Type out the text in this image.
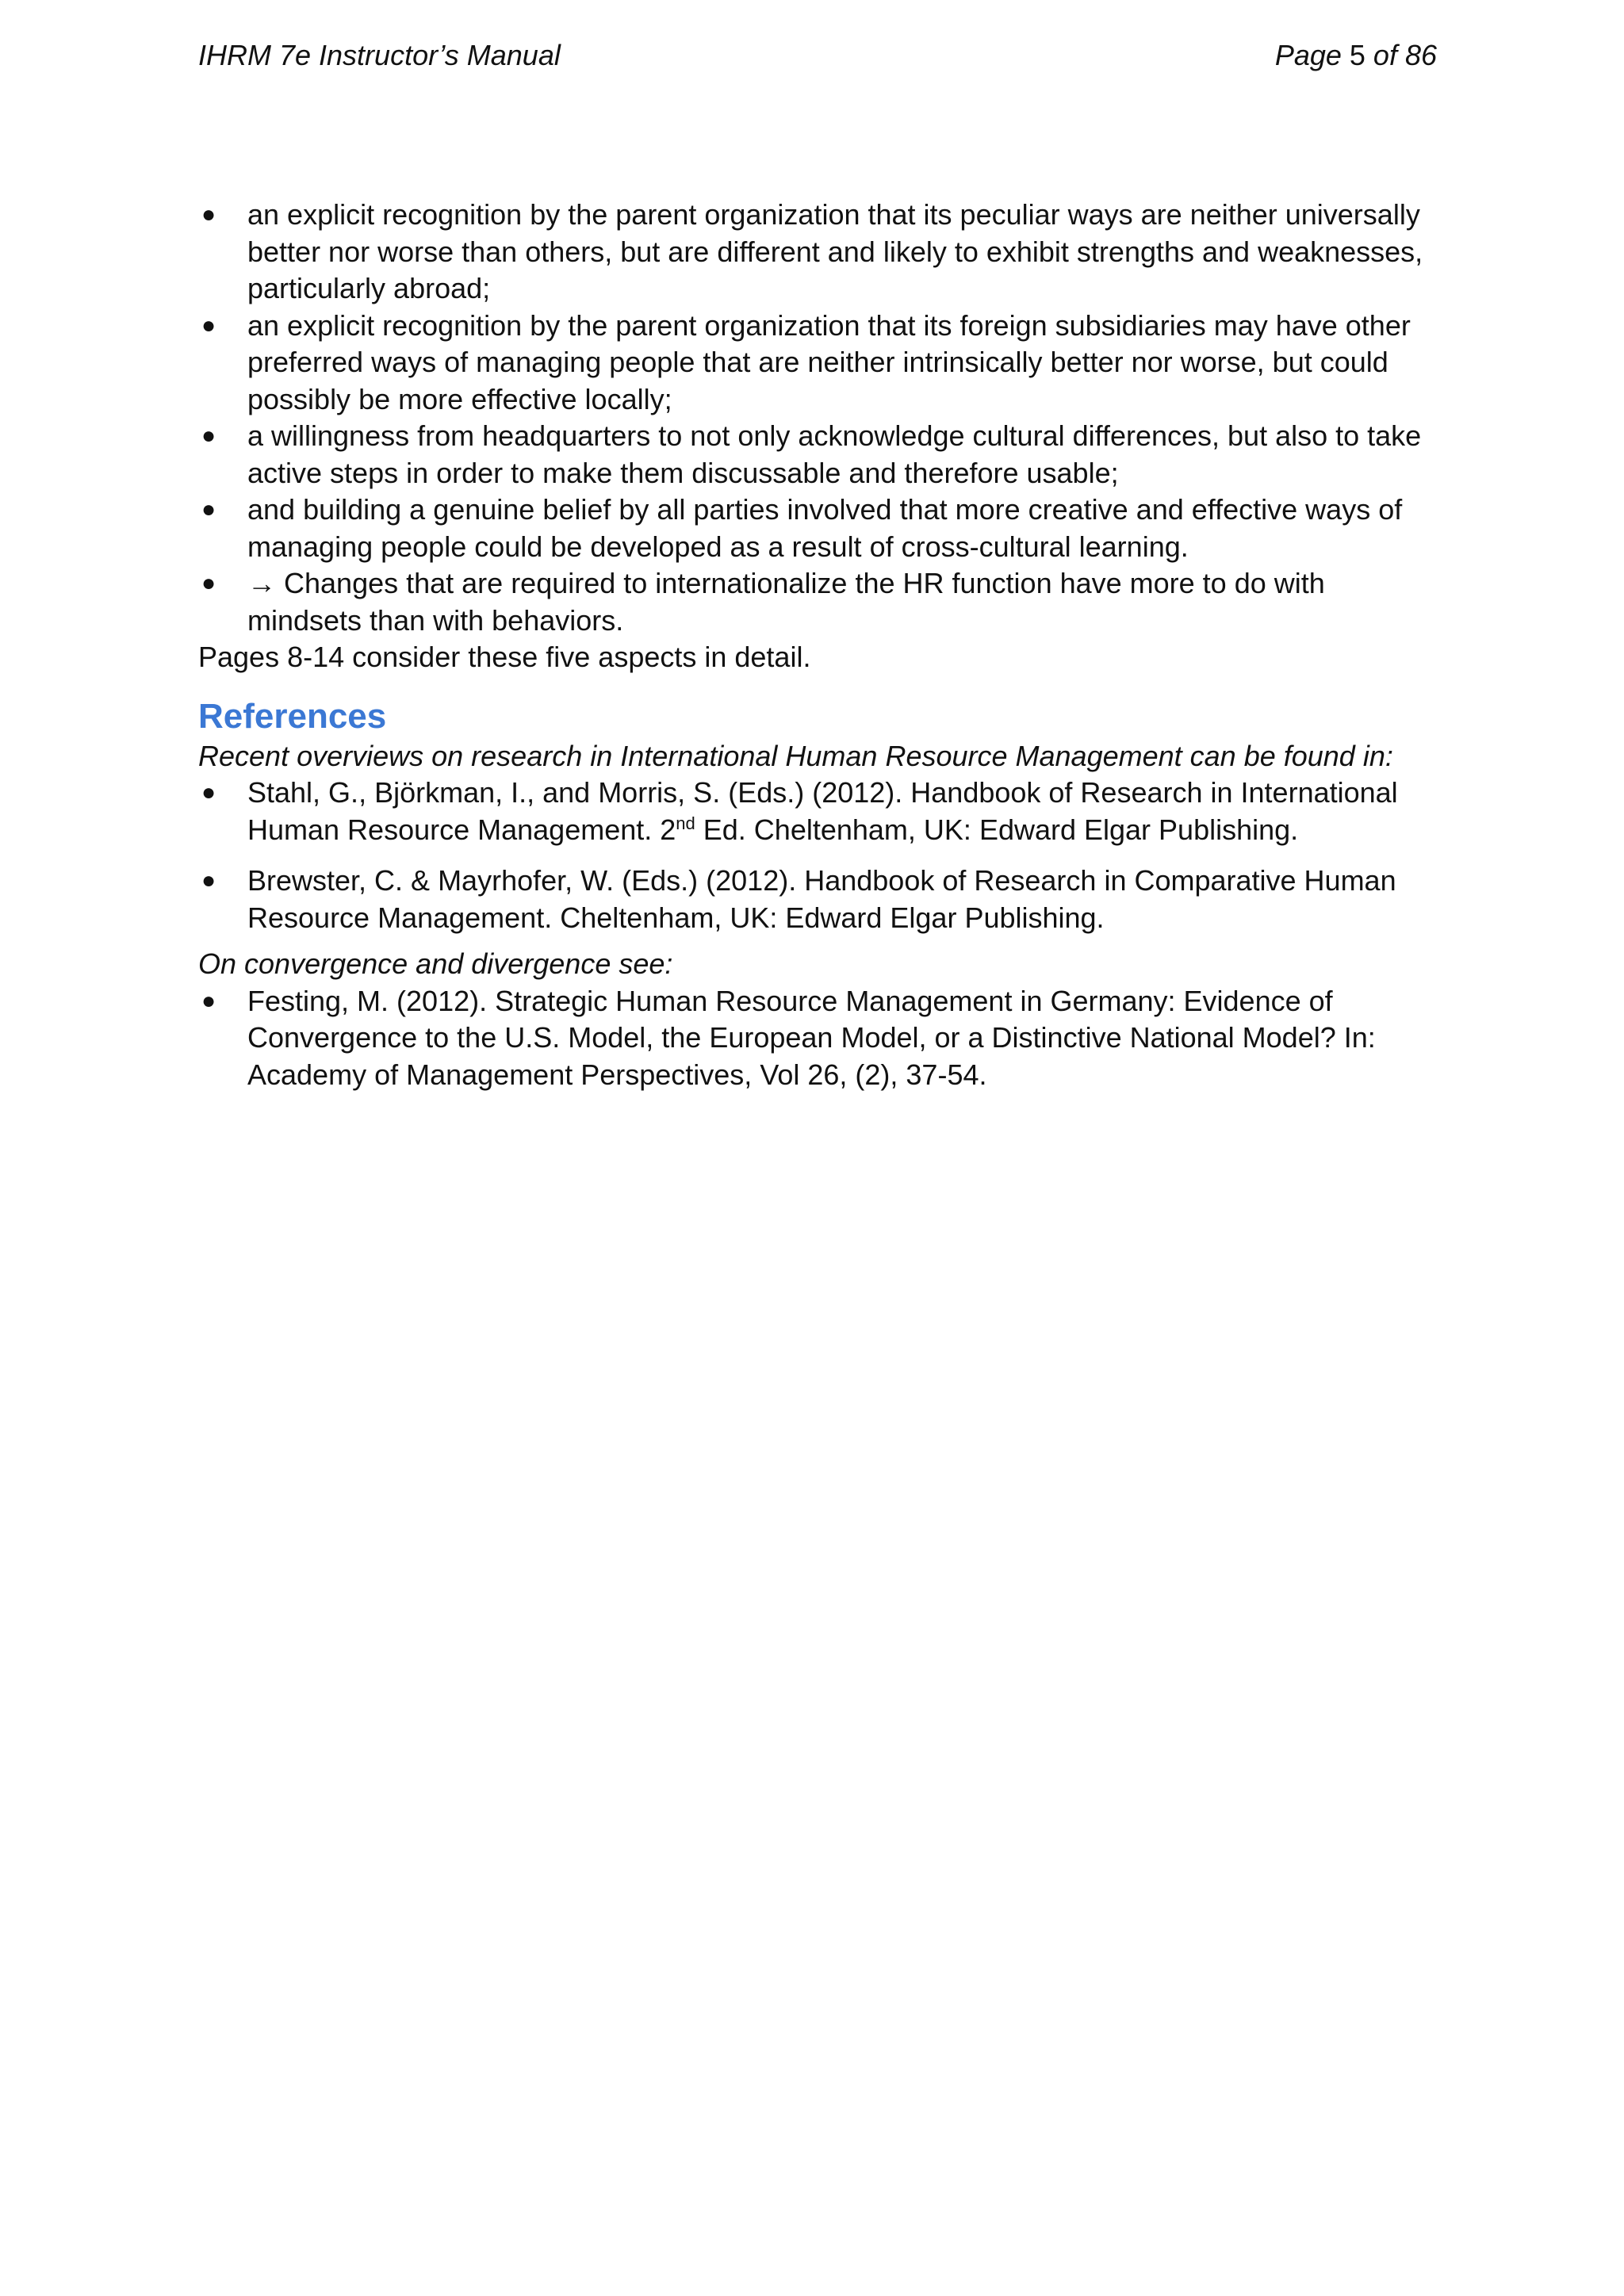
IHRM 7e Instructor’s Manual	Page 5 of 86
● an explicit recognition by the parent organization that its peculiar ways are neither universally better nor worse than others, but are different and likely to exhibit strengths and weaknesses, particularly abroad;
● an explicit recognition by the parent organization that its foreign subsidiaries may have other preferred ways of managing people that are neither intrinsically better nor worse, but could possibly be more effective locally;
● a willingness from headquarters to not only acknowledge cultural differences, but also to take active steps in order to make them discussable and therefore usable;
● and building a genuine belief by all parties involved that more creative and effective ways of managing people could be developed as a result of cross-cultural learning.
● → Changes that are required to internationalize the HR function have more to do with mindsets than with behaviors.

Pages 8-14 consider these five aspects in detail.

References

Recent overviews on research in International Human Resource Management can be found in:

● Stahl, G., Björkman, I., and Morris, S. (Eds.) (2012). Handbook of Research in International Human Resource Management. 2nd Ed. Cheltenham, UK: Edward Elgar Publishing.
● Brewster, C. & Mayrhofer, W. (Eds.) (2012). Handbook of Research in Comparative Human Resource Management. Cheltenham, UK: Edward Elgar Publishing.

On convergence and divergence see:

● Festing, M. (2012). Strategic Human Resource Management in Germany: Evidence of Convergence to the U.S. Model, the European Model, or a Distinctive National Model? In: Academy of Management Perspectives, Vol 26, (2), 37-54.
